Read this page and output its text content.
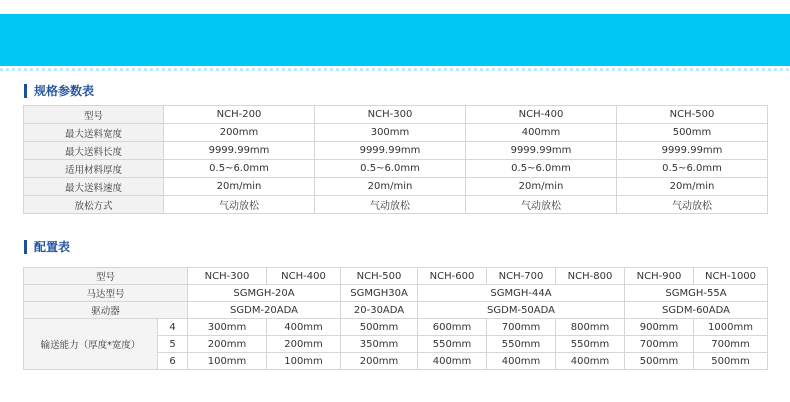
规格参数表
型号	NCH-200	NCH-300	NCH-400	NCH-500
最大送料宽度	200mm	300mm	400mm	500mm
最大送料长度	9999.99mm	9999.99mm	9999.99mm	9999.99mm
适用材料厚度	0.5~6.0mm	0.5~6.0mm	0.5~6.0mm	0.5~6.0mm
最大送料速度	20m/min	20m/min	20m/min	20m/min
放松方式	气动放松	气动放松	气动放松	气动放松
配置表
型号		NCH-300	NCH-400	NCH-500	NCH-600	NCH-700	NCH-800	NCH-900	NCH-1000
马达型号		SGMGH-20A		SGMGH30A	SGMGH-44A			SGMGH-55A	
驱动器		SGDM-20ADA		20-30ADA	SGDM-50ADA			SGDM-60ADA	
输送能力（厚度*宽度）	4	300mm	400mm	500mm	600mm	700mm	800mm	900mm	1000mm
	5	200mm	200mm	350mm	550mm	550mm	550mm	700mm	700mm
	6	100mm	100mm	200mm	400mm	400mm	400mm	500mm	500mm
